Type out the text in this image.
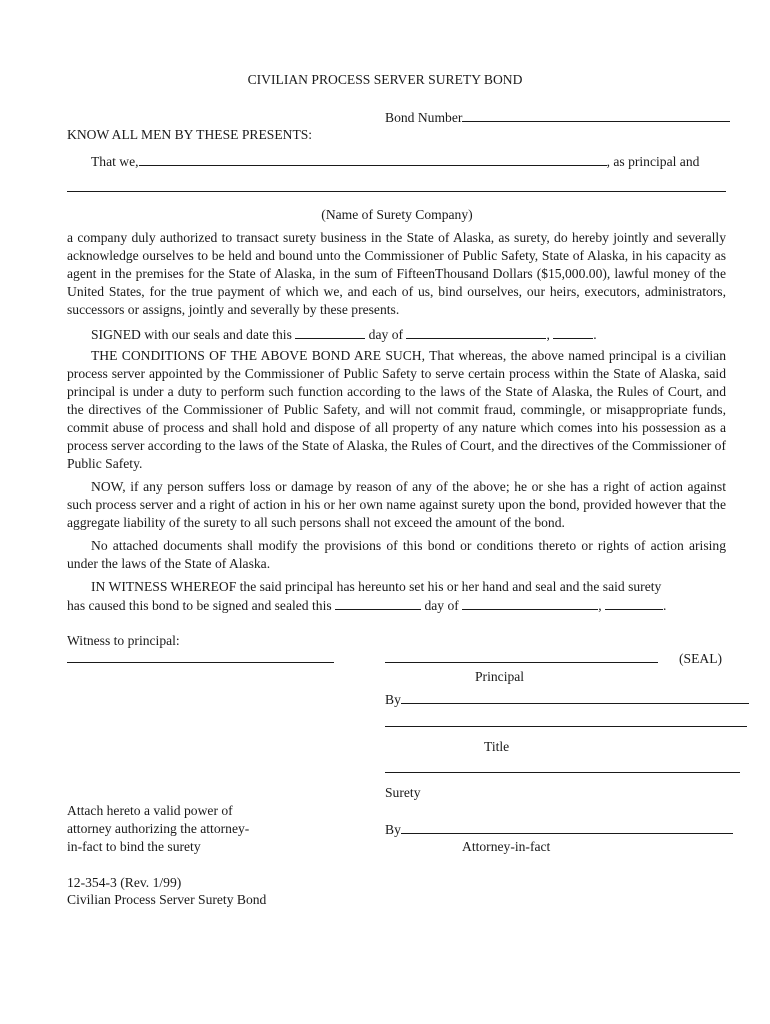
CIVILIAN PROCESS SERVER SURETY BOND
Bond Number
KNOW ALL MEN BY THESE PRESENTS:
That we,	, as principal and
(Name of Surety Company)

a company duly authorized to transact surety business in the State of Alaska, as surety, do hereby jointly and severally acknowledge ourselves to be held and bound unto the Commissioner of Public Safety, State of Alaska, in his capacity as agent in the premises for the State of Alaska, in the sum of FifteenThousand Dollars ($15,000.00), lawful money of the United States, for the true payment of which we, and each of us, bind ourselves, our heirs, executors, administrators, successors or assigns, jointly and severally by these presents.

SIGNED with our seals and date this	day of	,	.

THE CONDITIONS OF THE ABOVE BOND ARE SUCH, That whereas, the above named principal is a civilian process server appointed by the Commissioner of Public Safety to serve certain process within the State of Alaska, said principal is under a duty to perform such function according to the laws of the State of Alaska, the Rules of Court, and the directives of the Commissioner of Public Safety, and will not commit fraud, commingle, or misappropriate funds, commit abuse of process and shall hold and dispose of all property of any nature which comes into his possession as a process server according to the laws of the State of Alaska, the Rules of Court, and the directives of the Commissioner of Public Safety.

NOW, if any person suffers loss or damage by reason of any of the above; he or she has a right of action against such process server and a right of action in his or her own name against surety upon the bond, provided however that the aggregate liability of the surety to all such persons shall not exceed the amount of the bond.

No attached documents shall modify the provisions of this bond or conditions thereto or rights of action arising under the laws of the State of Alaska.

IN WITNESS WHEREOF the said principal has hereunto set his or her hand and seal and the said surety
has caused this bond to be signed and sealed this	day of	,	.
Witness to principal:
(SEAL)
Principal
By
Title
Surety
Attach hereto a valid power of
attorney authorizing the attorney-
in-fact to bind the surety
By
Attorney-in-fact
12-354-3 (Rev. 1/99)
Civilian Process Server Surety Bond
